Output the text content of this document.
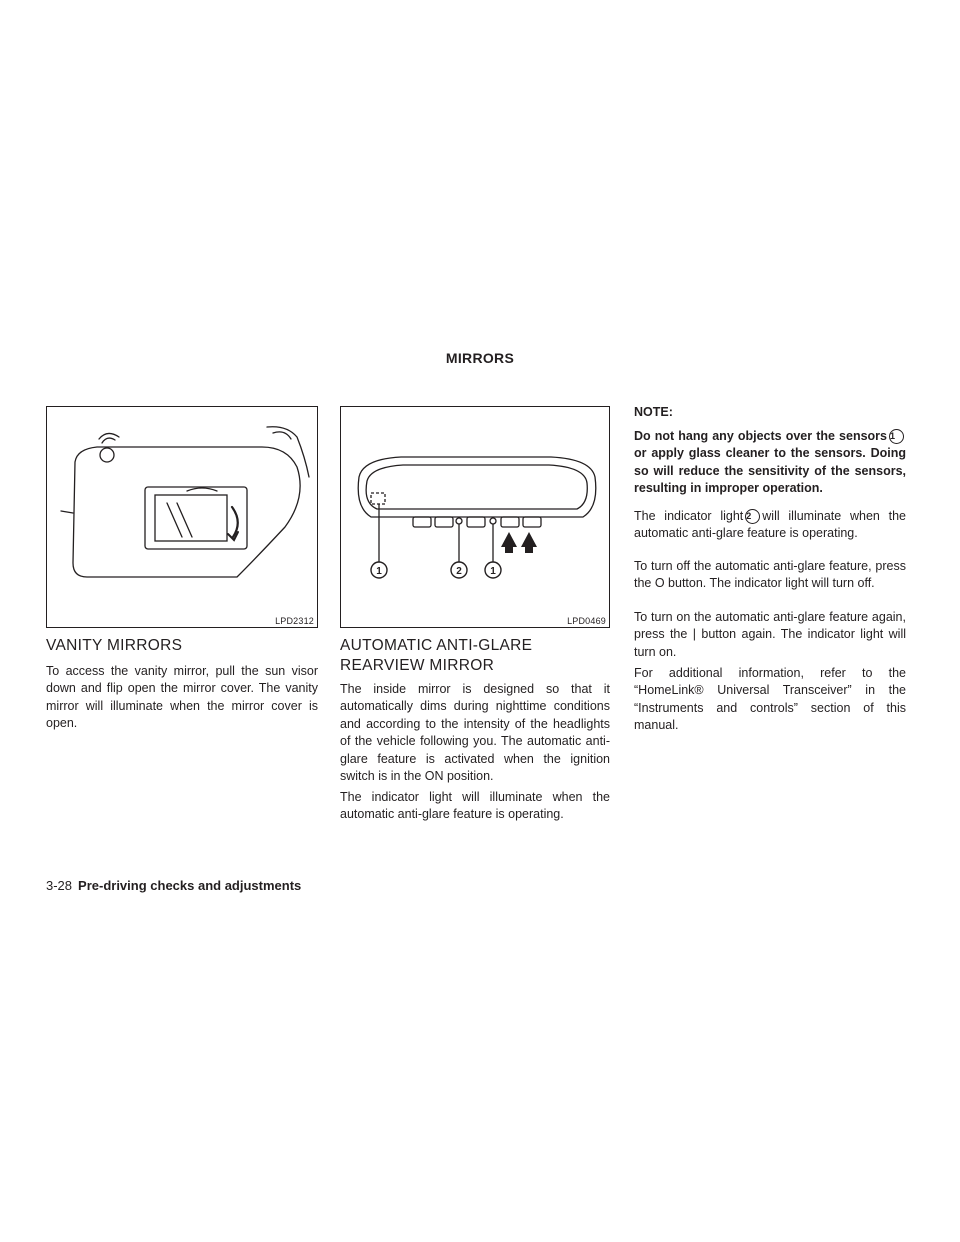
MIRRORS
LPD2312
1	2	1
LPD0469
VANITY MIRRORS

To access the vanity mirror, pull the sun visor down and flip open the mirror cover. The vanity mirror will illuminate when the mirror cover is open.

AUTOMATIC ANTI-GLARE
REARVIEW MIRROR

The inside mirror is designed so that it automatically dims during nighttime conditions and according to the intensity of the headlights of the vehicle following you. The automatic anti-glare feature is activated when the ignition switch is in the ON position.

The indicator light will illuminate when the automatic anti-glare feature is operating.

NOTE:

Do not hang any objects over the sensors 1or apply glass cleaner to the sensors. Doing so will reduce the sensitivity of the sensors, resulting in improper operation.

The indicator light 2 will illuminate when the automatic anti-glare feature is operating.

To turn off the automatic anti-glare feature, press the O button. The indicator light will turn off.

To turn on the automatic anti-glare feature again, press the | button again. The indicator light will turn on.

For additional information, refer to the “HomeLink® Universal Transceiver” in the “Instruments and controls” section of this manual.

3-28 Pre-driving checks and adjustments
